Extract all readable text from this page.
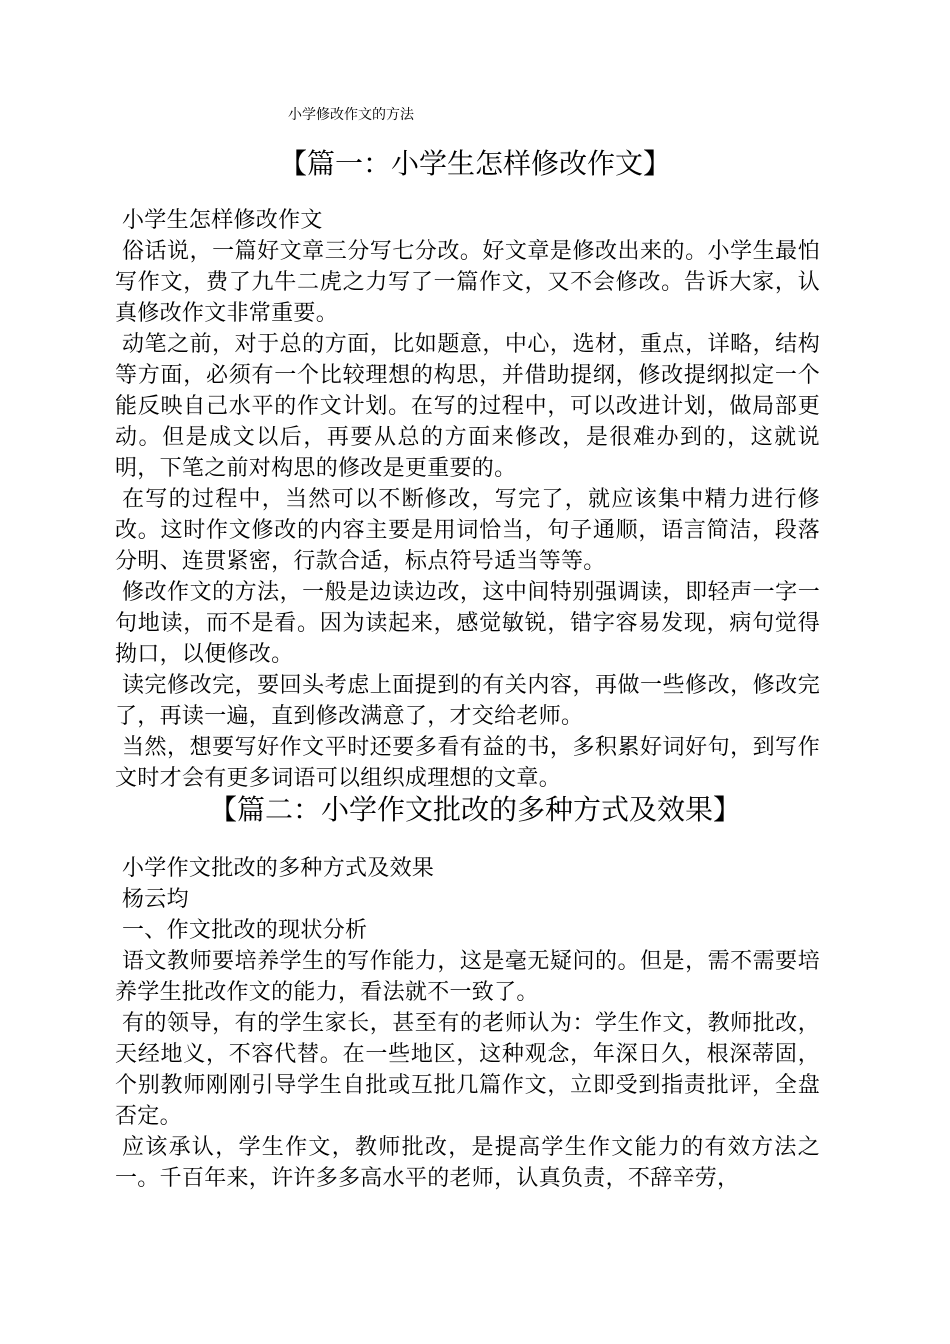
小学修改作文的方法
【篇一：小学生怎样修改作文】

小学生怎样修改作文

俗话说，一篇好文章三分写七分改。好文章是修改出来的。小学生最怕写作文，费了九牛二虎之力写了一篇作文，又不会修改。告诉大家，认真修改作文非常重要。

动笔之前，对于总的方面，比如题意，中心，选材，重点，详略，结构等方面，必须有一个比较理想的构思，并借助提纲，修改提纲拟定一个能反映自己水平的作文计划。在写的过程中，可以改进计划，做局部更动。但是成文以后，再要从总的方面来修改，是很难办到的，这就说明，下笔之前对构思的修改是更重要的。

在写的过程中，当然可以不断修改，写完了，就应该集中精力进行修改。这时作文修改的内容主要是用词恰当，句子通顺，语言简洁，段落分明、连贯紧密，行款合适，标点符号适当等等。

修改作文的方法，一般是边读边改，这中间特别强调读，即轻声一字一句地读，而不是看。因为读起来，感觉敏锐，错字容易发现，病句觉得拗口，以便修改。

读完修改完，要回头考虑上面提到的有关内容，再做一些修改，修改完了，再读一遍，直到修改满意了，才交给老师。

当然，想要写好作文平时还要多看有益的书，多积累好词好句，到写作文时才会有更多词语可以组织成理想的文章。

【篇二：小学作文批改的多种方式及效果】

小学作文批改的多种方式及效果

杨云均

一、作文批改的现状分析

语文教师要培养学生的写作能力，这是毫无疑问的。但是，需不需要培养学生批改作文的能力，看法就不一致了。

有的领导，有的学生家长，甚至有的老师认为：学生作文，教师批改，天经地义，不容代替。在一些地区，这种观念，年深日久，根深蒂固，个别教师刚刚引导学生自批或互批几篇作文，立即受到指责批评，全盘否定。

应该承认，学生作文，教师批改，是提高学生作文能力的有效方法之一。千百年来，许许多多高水平的老师，认真负责，不辞辛劳，
